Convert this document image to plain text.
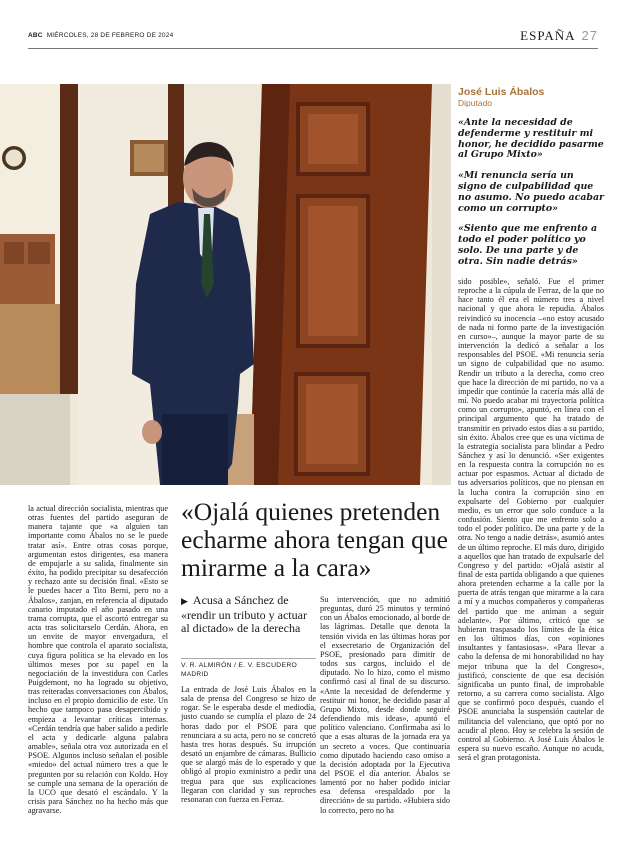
ABC MIÉRCOLES, 28 DE FEBRERO DE 2024	ESPAÑA 27
José Luis Ábalos
Diputado
«Ante la necesidad de defenderme y restituir mi honor, he decidido pasarme al Grupo Mixto»
«Mi renuncia sería un signo de culpabilidad que no asumo. No puedo acabar como un corrupto»
«Siento que me enfrento a todo el poder político yo solo. De una parte y de otra. Sin nadie detrás»

sido posible», señaló. Fue el primer reproche a la cúpula de Ferraz, de la que no hace tanto él era el número tres a nivel nacional y que ahora le repudia. Ábalos reivindicó su inocencia –«no estoy acusado de nada ni formo parte de la investigación en curso»–, aunque la mayor parte de su intervención la dedicó a señalar a los responsables del PSOE. «Mi renuncia sería un signo de culpabilidad que no asumo. Rendir un tributo a la derecha, como creo que hace la dirección de mi partido, no va a impedir que continúe la cacería más allá de mí. No puedo acabar mi trayectoria política como un corrupto», apuntó, en línea con el principal argumento que ha tratado de transmitir en privado estos días a su partido, sin éxito. Ábalos cree que es una víctima de la estrategia socialista para blindar a Pedro Sánchez y así lo denunció. «Ser exigentes en la respuesta contra la corrupción no es actuar por espasmos. Actuar al dictado de tus adversarios políticos, que no piensan en la lucha contra la corrupción sino en expulsarte del Gobierno por cualquier medio, es un error que solo conduce a la confusión. Siento que me enfrento solo a todo el poder político. De una parte y de la otra. No tengo a nadie detrás», asumió antes de un último reproche. El más duro, dirigido a aquellos que han tratado de expulsarle del Congreso y del partido: «Ojalá asistir al final de esta partida obligando a que quienes ahora pretenden echarme a la calle por la puerta de atrás tengan que mirarme a la cara a mí y a muchos compañeros y compañeras del partido que me animan a seguir adelante». Por último, criticó que se hubieran traspasado los límites de la ética en los últimos días, con «opiniones insultantes y fantasiosas». «Para llevar a cabo la defensa de mi honorabilidad no hay mejor tribuna que la del Congreso», justificó, consciente de que esa decisión significaba un punto final, de improbable retorno, a su carrera como socialista. Algo que se confirmó poco después, cuando el PSOE anunciaba la suspensión cautelar de militancia del valenciano, que optó por no acudir al pleno. Hoy se celebra la sesión de control al Gobierno. A José Luis Ábalos le espera su nuevo escaño. Aunque no acuda, será el gran protagonista.

la actual dirección socialista, mientras que otras fuentes del partido aseguran de manera tajante que «a alguien tan importante como Ábalos no se le puede tratar así». Entre otras cosas porque, argumentan estos dirigentes, esa manera de empujarle a su salida, finalmente sin éxito, ha podido precipitar su desafección y rechazo ante su decisión final. «Esto se le puedes hacer a Tito Berni, pero no a Ábalos», zanjan, en referencia al diputado canario imputado el año pasado en una trama corrupta, que el ascortó entregar su acta tras solicitarselo Cerdán. Ahora, en un envite de mayor envergadura, el hombre que controla el aparato socialista, cuya figura política se ha elevado en los últimos meses por su papel en la negociación de la investidura con Carles Puigdemont, no ha logrado su objetivo, tras reiteradas conversaciones con Ábalos, incluso en el propio domicilio de este. Un hecho que tampoco pasa desapercibido y empieza a levantar críticas internas. «Cerdán tendría que haber salido a pedirle el acta y dedicarle alguna palabra amable», señala otra voz autorizada en el PSOE. Algunos incluso señalan el posible «miedo» del actual número tres a que le pregunten por su relación con Koldo. Hoy se cumple una semana de la operación de la UCO que desató el escándalo. Y la crisis para Sánchez no ha hecho más que agravarse.

«Ojalá quienes pretenden echarme ahora tengan que mirarme a la cara»
▶ Acusa a Sánchez de «rendir un tributo y actuar al dictado» de la derecha
V. R. ALMIRÓN / E. V. ESCUDERO
MADRID

La entrada de José Luis Ábalos en la sala de prensa del Congreso se hizo de rogar. Se le esperaba desde el mediodía, justo cuando se cumplía el plazo de 24 horas dado por el PSOE para que renunciara a su acta, pero no se concretó hasta tres horas después. Su irrupción desató un enjambre de cámaras. Bullicio que se alargó más de lo esperado y que obligó al propio exministro a pedir una tregua para que sus explicaciones llegaran con claridad y sus reproches resonaran con fuerza en Ferraz.

Su intervención, que no admitió preguntas, duró 25 minutos y terminó con un Ábalos emocionado, al borde de las lágrimas. Detalle que denota la tensión vivida en las últimas horas por el exsecretario de Organización del PSOE, presionado para dimitir de todos sus cargos, incluido el de diputado. No lo hizo, como el mismo confirmó casi al final de su discurso. «Ante la necesidad de defenderme y restituir mi honor, he decidido pasar al Grupo Mixto, desde donde seguiré defendiendo mis ideas», apuntó el político valenciano. Confirmaba así lo que a esas alturas de la jornada era ya un secreto a voces. Que continuaría como diputado haciendo caso omiso a la decisión adoptada por la Ejecutiva del PSOE el día anterior. Ábalos se lamentó por no haber podido iniciar esa defensa «respaldado por la dirección» de su partido. «Hubiera sido lo correcto, pero no ha
